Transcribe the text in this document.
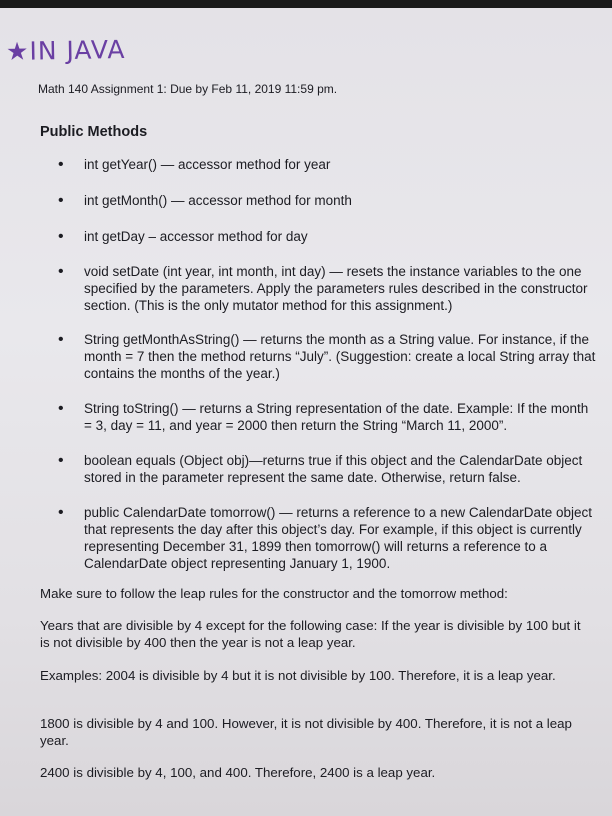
★IN JAVA
Math 140 Assignment 1: Due by Feb 11, 2019 11:59 pm.
Public Methods
• int getYear() — accessor method for year
• int getMonth() — accessor method for month
• int getDay – accessor method for day
• void setDate (int year, int month, int day) — resets the instance variables to the one specified by the parameters. Apply the parameters rules described in the constructor section. (This is the only mutator method for this assignment.)
• String getMonthAsString() — returns the month as a String value. For instance, if the month = 7 then the method returns “July”. (Suggestion: create a local String array that contains the months of the year.)
• String toString() — returns a String representation of the date. Example: If the month = 3, day = 11, and year = 2000 then return the String “March 11, 2000”.
• boolean equals (Object obj)—returns true if this object and the CalendarDate object stored in the parameter represent the same date. Otherwise, return false.
• public CalendarDate tomorrow() — returns a reference to a new CalendarDate object that represents the day after this object’s day. For example, if this object is currently representing December 31, 1899 then tomorrow() will returns a reference to a CalendarDate object representing January 1, 1900.
Make sure to follow the leap rules for the constructor and the tomorrow method:
Years that are divisible by 4 except for the following case: If the year is divisible by 100 but it is not divisible by 400 then the year is not a leap year.
Examples: 2004 is divisible by 4 but it is not divisible by 100. Therefore, it is a leap year.
1800 is divisible by 4 and 100. However, it is not divisible by 400. Therefore, it is not a leap year.
2400 is divisible by 4, 100, and 400. Therefore, 2400 is a leap year.
